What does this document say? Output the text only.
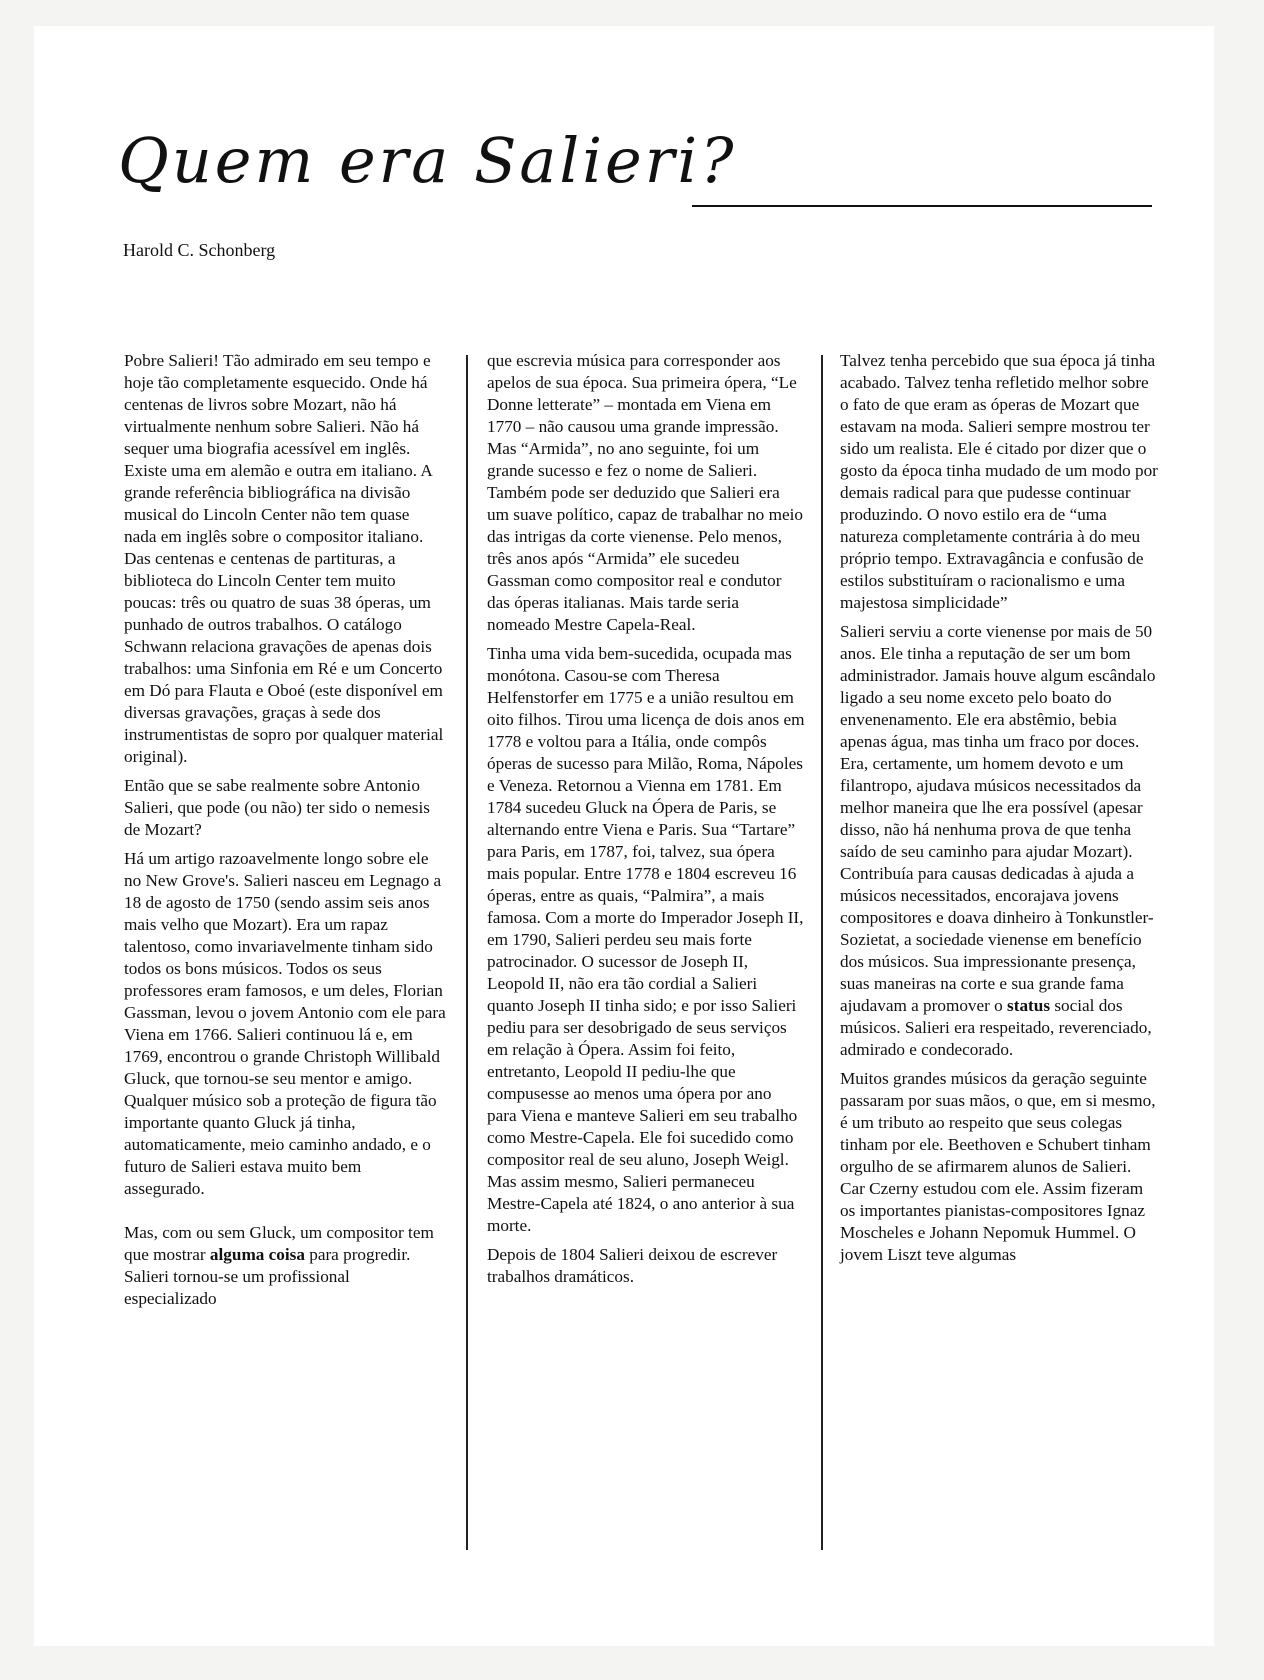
Quem era Salieri?
Harold C. Schonberg

Pobre Salieri! Tão admirado em seu tempo e hoje tão completamente esquecido. Onde há centenas de livros sobre Mozart, não há virtualmente nenhum sobre Salieri. Não há sequer uma biografia acessível em inglês. Existe uma em alemão e outra em italiano. A grande referência bibliográfica na divisão musical do Lincoln Center não tem quase nada em inglês sobre o compositor italiano. Das centenas e centenas de partituras, a biblioteca do Lincoln Center tem muito poucas: três ou quatro de suas 38 óperas, um punhado de outros trabalhos. O catálogo Schwann relaciona gravações de apenas dois trabalhos: uma Sinfonia em Ré e um Concerto em Dó para Flauta e Oboé (este disponível em diversas gravações, graças à sede dos instrumentistas de sopro por qualquer material original).

Então que se sabe realmente sobre Antonio Salieri, que pode (ou não) ter sido o nemesis de Mozart?

Há um artigo razoavelmente longo sobre ele no New Grove's. Salieri nasceu em Legnago a 18 de agosto de 1750 (sendo assim seis anos mais velho que Mozart). Era um rapaz talentoso, como invariavelmente tinham sido todos os bons músicos. Todos os seus professores eram famosos, e um deles, Florian Gassman, levou o jovem Antonio com ele para Viena em 1766. Salieri continuou lá e, em 1769, encontrou o grande Christoph Willibald Gluck, que tornou-se seu mentor e amigo. Qualquer músico sob a proteção de figura tão importante quanto Gluck já tinha, automaticamente, meio caminho andado, e o futuro de Salieri estava muito bem assegurado.

Mas, com ou sem Gluck, um compositor tem que mostrar alguma coisa para progredir. Salieri tornou-se um profissional especializado

que escrevia música para corresponder aos apelos de sua época. Sua primeira ópera, “Le Donne letterate” – montada em Viena em 1770 – não causou uma grande impressão. Mas “Armida”, no ano seguinte, foi um grande sucesso e fez o nome de Salieri. Também pode ser deduzido que Salieri era um suave político, capaz de trabalhar no meio das intrigas da corte vienense. Pelo menos, três anos após “Armida” ele sucedeu Gassman como compositor real e condutor das óperas italianas. Mais tarde seria nomeado Mestre Capela-Real.

Tinha uma vida bem-sucedida, ocupada mas monótona. Casou-se com Theresa Helfenstorfer em 1775 e a união resultou em oito filhos. Tirou uma licença de dois anos em 1778 e voltou para a Itália, onde compôs óperas de sucesso para Milão, Roma, Nápoles e Veneza. Retornou a Vienna em 1781. Em 1784 sucedeu Gluck na Ópera de Paris, se alternando entre Viena e Paris. Sua “Tartare” para Paris, em 1787, foi, talvez, sua ópera mais popular. Entre 1778 e 1804 escreveu 16 óperas, entre as quais, “Palmira”, a mais famosa. Com a morte do Imperador Joseph II, em 1790, Salieri perdeu seu mais forte patrocinador. O sucessor de Joseph II, Leopold II, não era tão cordial a Salieri quanto Joseph II tinha sido; e por isso Salieri pediu para ser desobrigado de seus serviços em relação à Ópera. Assim foi feito, entretanto, Leopold II pediu-lhe que compusesse ao menos uma ópera por ano para Viena e manteve Salieri em seu trabalho como Mestre-Capela. Ele foi sucedido como compositor real de seu aluno, Joseph Weigl. Mas assim mesmo, Salieri permaneceu Mestre-Capela até 1824, o ano anterior à sua morte.

Depois de 1804 Salieri deixou de escrever trabalhos dramáticos.

Talvez tenha percebido que sua época já tinha acabado. Talvez tenha refletido melhor sobre o fato de que eram as óperas de Mozart que estavam na moda. Salieri sempre mostrou ter sido um realista. Ele é citado por dizer que o gosto da época tinha mudado de um modo por demais radical para que pudesse continuar produzindo. O novo estilo era de “uma natureza completamente contrária à do meu próprio tempo. Extravagância e confusão de estilos substituíram o racionalismo e uma majestosa simplicidade”

Salieri serviu a corte vienense por mais de 50 anos. Ele tinha a reputação de ser um bom administrador. Jamais houve algum escândalo ligado a seu nome exceto pelo boato do envenenamento. Ele era abstêmio, bebia apenas água, mas tinha um fraco por doces. Era, certamente, um homem devoto e um filantropo, ajudava músicos necessitados da melhor maneira que lhe era possível (apesar disso, não há nenhuma prova de que tenha saído de seu caminho para ajudar Mozart). Contribuía para causas dedicadas à ajuda a músicos necessitados, encorajava jovens compositores e doava dinheiro à Tonkunstler-Sozietat, a sociedade vienense em benefício dos músicos. Sua impressionante presença, suas maneiras na corte e sua grande fama ajudavam a promover o status social dos músicos. Salieri era respeitado, reverenciado, admirado e condecorado.

Muitos grandes músicos da geração seguinte passaram por suas mãos, o que, em si mesmo, é um tributo ao respeito que seus colegas tinham por ele. Beethoven e Schubert tinham orgulho de se afirmarem alunos de Salieri. Car Czerny estudou com ele. Assim fizeram os importantes pianistas-compositores Ignaz Moscheles e Johann Nepomuk Hummel. O jovem Liszt teve algumas
